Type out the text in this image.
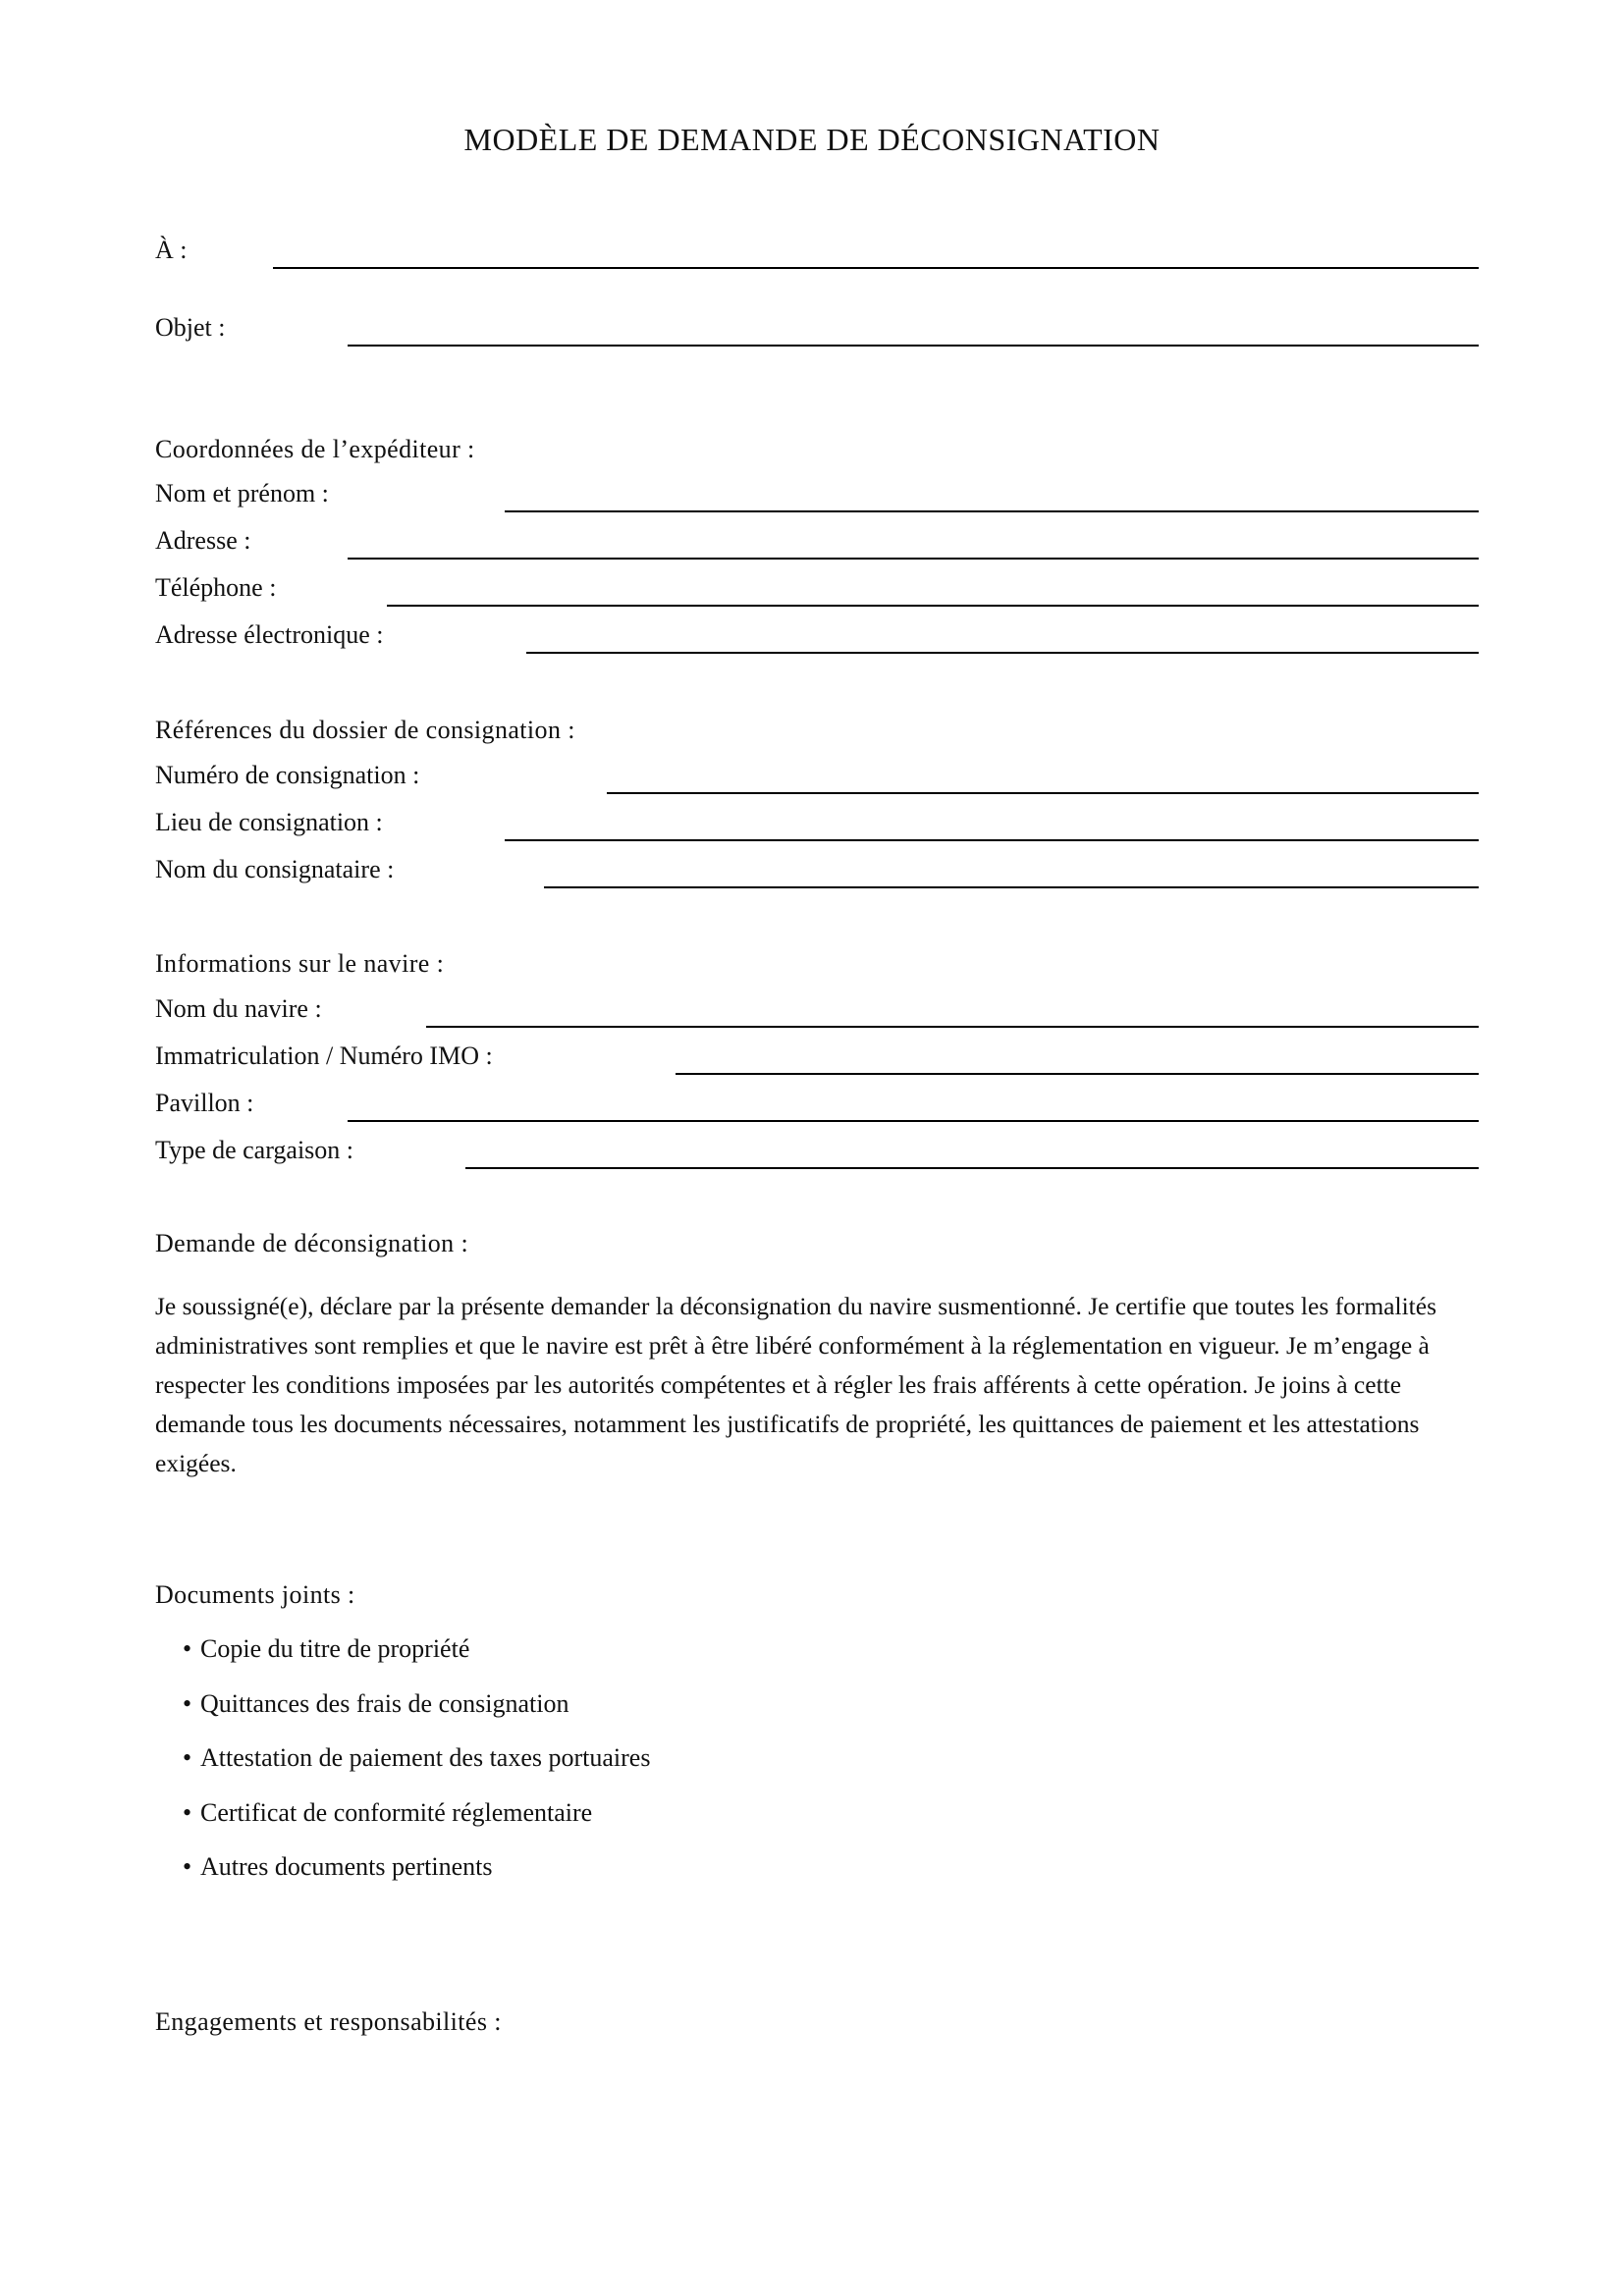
MODÈLE DE DEMANDE DE DÉCONSIGNATION
À :
Objet :
Coordonnées de l’expéditeur :
Nom et prénom :
Adresse :
Téléphone :
Adresse électronique :
Références du dossier de consignation :
Numéro de consignation :
Lieu de consignation :
Nom du consignataire :
Informations sur le navire :
Nom du navire :
Immatriculation / Numéro IMO :
Pavillon :
Type de cargaison :
Demande de déconsignation :

Je soussigné(e), déclare par la présente demander la déconsignation du navire susmentionné. Je certifie que toutes les formalités administratives sont remplies et que le navire est prêt à être libéré conformément à la réglementation en vigueur. Je m’engage à respecter les conditions imposées par les autorités compétentes et à régler les frais afférents à cette opération. Je joins à cette demande tous les documents nécessaires, notamment les justificatifs de propriété, les quittances de paiement et les attestations exigées.

Documents joints :
• Copie du titre de propriété
• Quittances des frais de consignation
• Attestation de paiement des taxes portuaires
• Certificat de conformité réglementaire
• Autres documents pertinents
Engagements et responsabilités :
